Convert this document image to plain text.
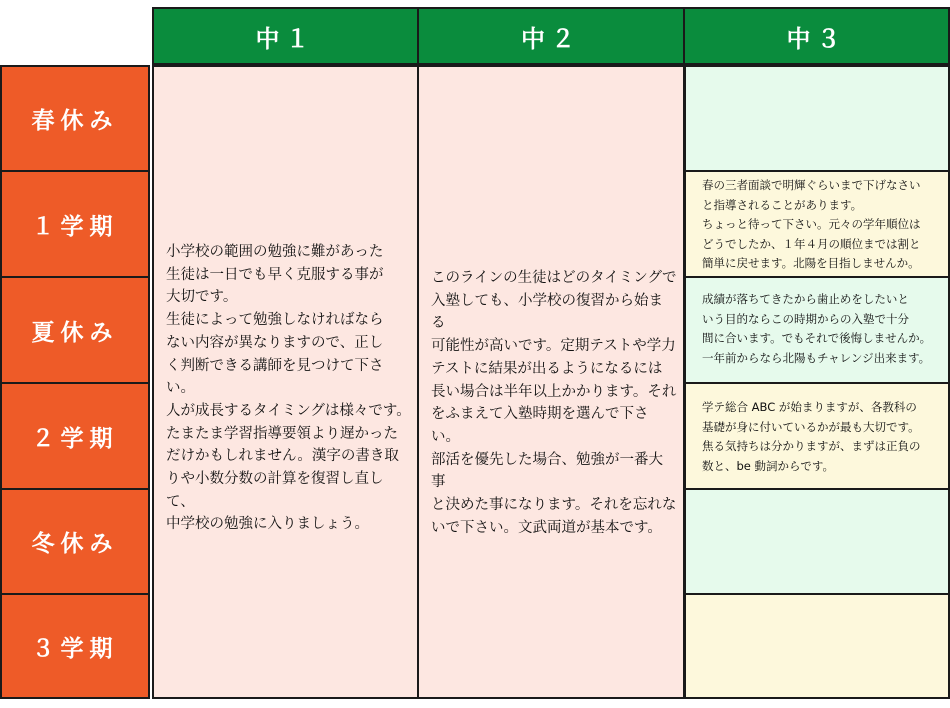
中１	中２	中３
春休み
１学期
夏休み
２学期
冬休み
３学期
小学校の範囲の勉強に難があった
生徒は一日でも早く克服する事が
大切です。
生徒によって勉強しなければなら
ない内容が異なりますので、正し
く判断できる講師を見つけて下さい。
人が成長するタイミングは様々です。
たまたま学習指導要領より遅かった
だけかもしれません。漢字の書き取
りや小数分数の計算を復習し直して、
中学校の勉強に入りましょう。
このラインの生徒はどのタイミングで
入塾しても、小学校の復習から始まる
可能性が高いです。定期テストや学力
テストに結果が出るようになるには
長い場合は半年以上かかります。それ
をふまえて入塾時期を選んで下さい。
部活を優先した場合、勉強が一番大事
と決めた事になります。それを忘れな
いで下さい。文武両道が基本です。
春の三者面談で明輝ぐらいまで下げなさい
と指導されることがあります。
ちょっと待って下さい。元々の学年順位は
どうでしたか、１年４月の順位までは割と
簡単に戻せます。北陽を目指しませんか。
成績が落ちてきたから歯止めをしたいと
いう目的ならこの時期からの入塾で十分
間に合います。でもそれで後悔しませんか。
一年前からなら北陽もチャレンジ出来ます。
学テ総合 ABC が始まりますが、各教科の
基礎が身に付いているかが最も大切です。
焦る気持ちは分かりますが、まずは正負の
数と、be 動詞からです。
